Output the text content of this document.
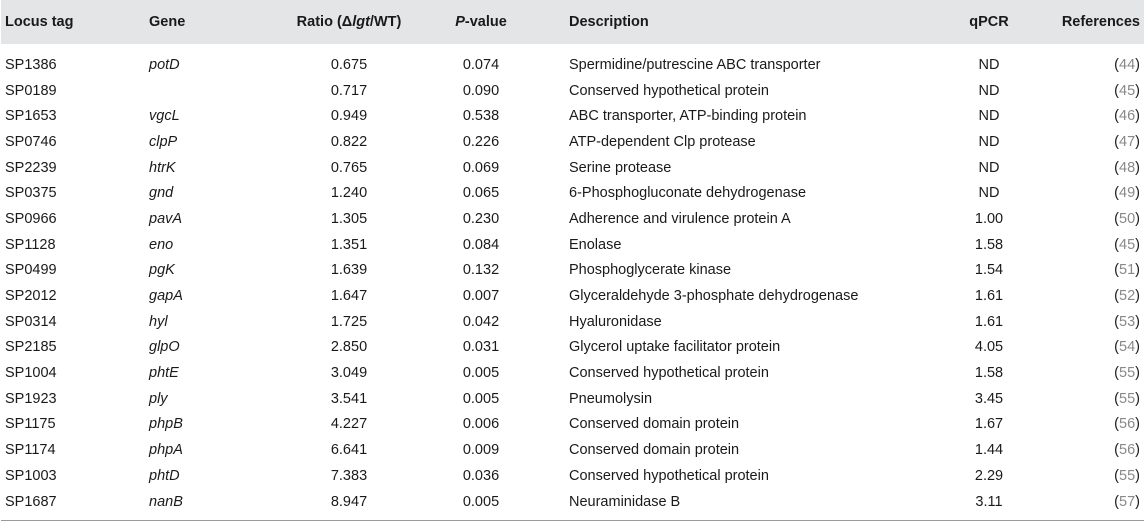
Locus tag	Gene	Ratio (Δlgt/WT)	P-value	Description	qPCR	References
SP1386	potD	0.675	0.074	Spermidine/putrescine ABC transporter	ND	(44)
SP0189		0.717	0.090	Conserved hypothetical protein	ND	(45)
SP1653	vgcL	0.949	0.538	ABC transporter, ATP-binding protein	ND	(46)
SP0746	clpP	0.822	0.226	ATP-dependent Clp protease	ND	(47)
SP2239	htrK	0.765	0.069	Serine protease	ND	(48)
SP0375	gnd	1.240	0.065	6-Phosphogluconate dehydrogenase	ND	(49)
SP0966	pavA	1.305	0.230	Adherence and virulence protein A	1.00	(50)
SP1128	eno	1.351	0.084	Enolase	1.58	(45)
SP0499	pgK	1.639	0.132	Phosphoglycerate kinase	1.54	(51)
SP2012	gapA	1.647	0.007	Glyceraldehyde 3-phosphate dehydrogenase	1.61	(52)
SP0314	hyl	1.725	0.042	Hyaluronidase	1.61	(53)
SP2185	glpO	2.850	0.031	Glycerol uptake facilitator protein	4.05	(54)
SP1004	phtE	3.049	0.005	Conserved hypothetical protein	1.58	(55)
SP1923	ply	3.541	0.005	Pneumolysin	3.45	(55)
SP1175	phpB	4.227	0.006	Conserved domain protein	1.67	(56)
SP1174	phpA	6.641	0.009	Conserved domain protein	1.44	(56)
SP1003	phtD	7.383	0.036	Conserved hypothetical protein	2.29	(55)
SP1687	nanB	8.947	0.005	Neuraminidase B	3.11	(57)
